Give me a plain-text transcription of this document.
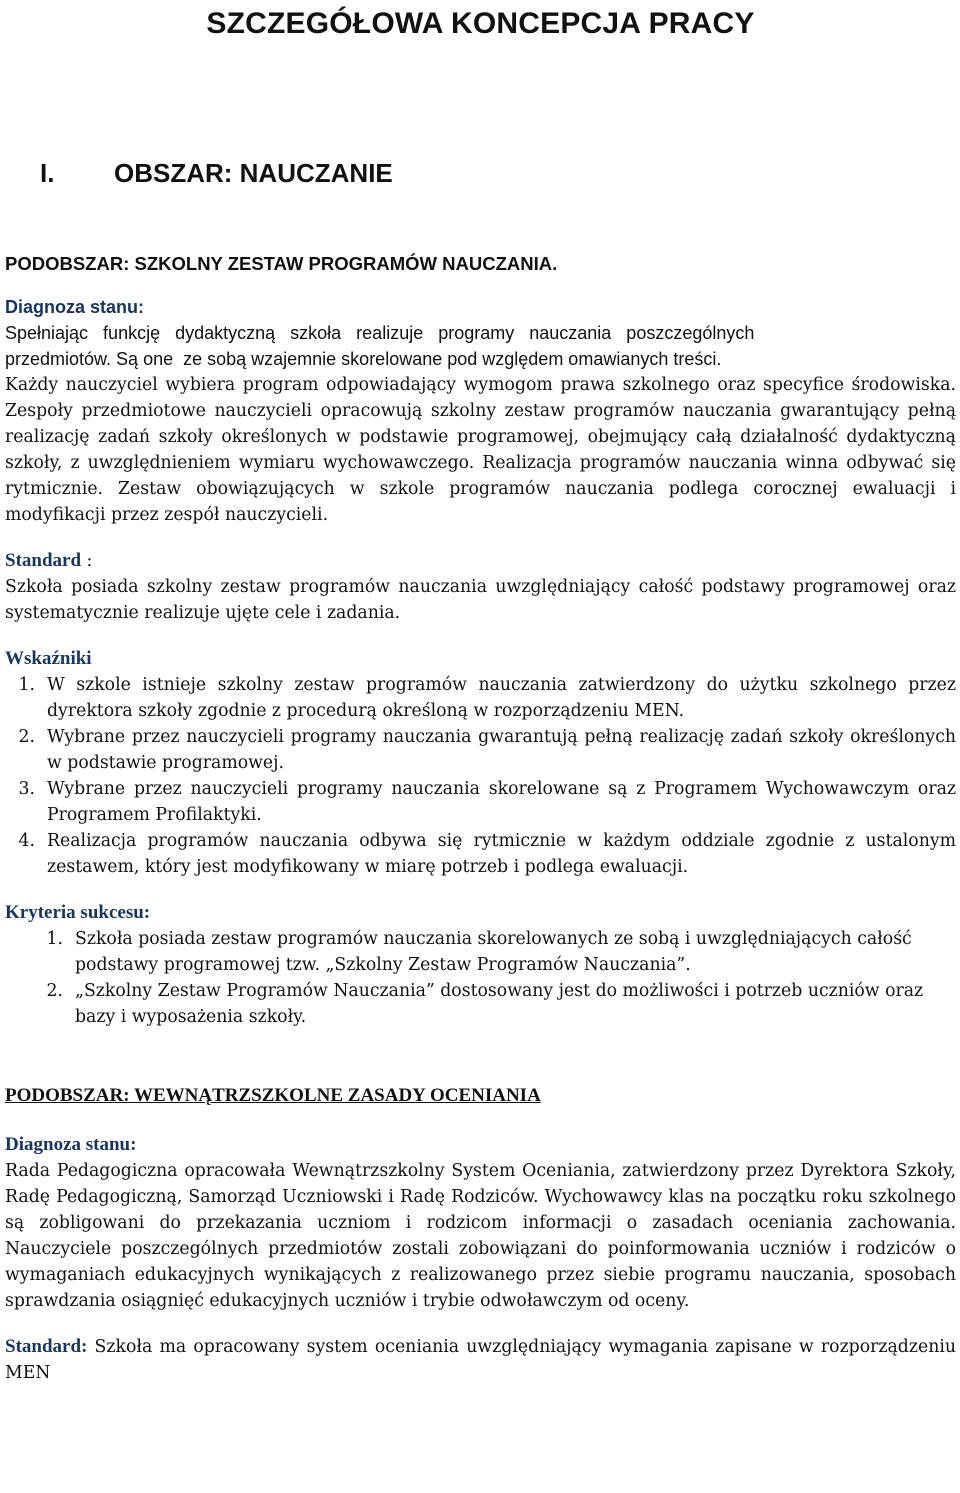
SZCZEGÓŁOWA KONCEPCJA PRACY
I. OBSZAR: NAUCZANIE
PODOBSZAR: SZKOLNY ZESTAW PROGRAMÓW NAUCZANIA.
Diagnoza stanu:

Spełniając   funkcję   dydaktyczną   szkoła   realizuje   programy   nauczania   poszczególnych

przedmiotów. Są one  ze sobą wzajemnie skorelowane pod względem omawianych treści.

Każdy nauczyciel wybiera program odpowiadający wymogom prawa szkolnego oraz specyfice środowiska. Zespoły przedmiotowe nauczycieli opracowują szkolny zestaw programów nauczania gwarantujący pełną realizację zadań szkoły określonych w podstawie programowej, obejmujący całą działalność dydaktyczną szkoły, z uwzględnieniem wymiaru wychowawczego. Realizacja programów nauczania winna odbywać się rytmicznie. Zestaw obowiązujących w szkole programów nauczania podlega corocznej ewaluacji i modyfikacji przez zespół nauczycieli.

Standard :

Szkoła posiada szkolny zestaw programów nauczania uwzględniający całość podstawy programowej oraz systematycznie realizuje ujęte cele i zadania.

Wskaźniki
1. W szkole istnieje szkolny zestaw programów nauczania zatwierdzony do użytku szkolnego przez dyrektora szkoły zgodnie z procedurą określoną w rozporządzeniu MEN.
2. Wybrane przez nauczycieli programy nauczania gwarantują pełną realizację zadań szkoły określonych w podstawie programowej.
3. Wybrane przez nauczycieli programy nauczania skorelowane są z Programem Wychowawczym oraz Programem Profilaktyki.
4. Realizacja programów nauczania odbywa się rytmicznie w każdym oddziale zgodnie z ustalonym zestawem, który jest modyfikowany w miarę potrzeb i podlega ewaluacji.
Kryteria sukcesu:
1. Szkoła posiada zestaw programów nauczania skorelowanych ze sobą i uwzględniających całość podstawy programowej tzw. „Szkolny Zestaw Programów Nauczania”.
2. „Szkolny Zestaw Programów Nauczania” dostosowany jest do możliwości i potrzeb uczniów oraz bazy i wyposażenia szkoły.
PODOBSZAR: WEWNĄTRZSZKOLNE ZASADY OCENIANIA
Diagnoza stanu:

Rada Pedagogiczna opracowała Wewnątrzszkolny System Oceniania, zatwierdzony przez Dyrektora Szkoły, Radę Pedagogiczną, Samorząd Uczniowski i Radę Rodziców. Wychowawcy klas na początku roku szkolnego są zobligowani do przekazania uczniom i rodzicom informacji o zasadach oceniania zachowania. Nauczyciele poszczególnych przedmiotów zostali zobowiązani do poinformowania uczniów i rodziców o wymaganiach edukacyjnych wynikających z realizowanego przez siebie programu nauczania, sposobach sprawdzania osiągnięć edukacyjnych uczniów i trybie odwoławczym od oceny.

Standard: Szkoła ma opracowany system oceniania uwzględniający wymagania zapisane w rozporządzeniu MEN
